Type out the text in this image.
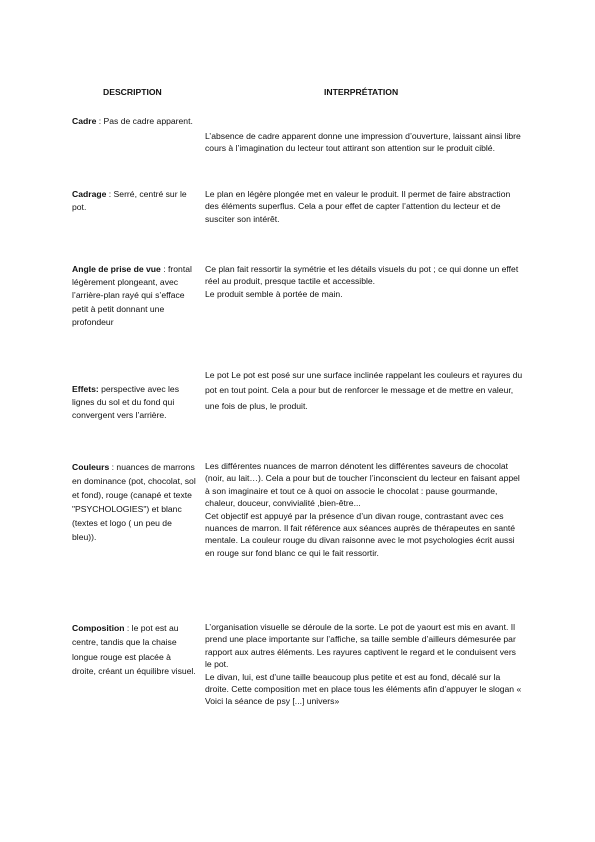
DESCRIPTION	INTERPRÉTATION
Cadre : Pas de cadre apparent.

L’absence de cadre apparent donne une impression d’ouverture, laissant ainsi libre cours à l’imagination du lecteur tout attirant son attention sur le produit ciblé.

Cadrage : Serré, centré sur le pot.

Le plan en légère plongée met en valeur le produit. Il permet de faire abstraction des éléments superflus. Cela a pour effet de capter l’attention du lecteur et de susciter son intérêt.

Angle de prise de vue : frontal légèrement plongeant, avec l’arrière-plan rayé qui s’efface petit à petit donnant une profondeur

Ce plan fait ressortir la symétrie et les détails visuels du pot ; ce qui donne un effet réel au produit, presque tactile et accessible.

Le produit semble à portée de main.

Effets: perspective avec les lignes du sol et du fond qui convergent vers l’arrière.

Le pot Le pot est posé sur une surface inclinée rappelant les couleurs et rayures du pot en tout point. Cela a pour but de renforcer le message et de mettre en valeur, une fois de plus, le produit.

Couleurs : nuances de marrons en dominance (pot, chocolat, sol et fond), rouge (canapé et texte "PSYCHOLOGIES") et blanc (textes et logo ( un peu de bleu)).

Les différentes nuances de marron dénotent les différentes saveurs de chocolat (noir, au lait…). Cela a pour but de toucher l’inconscient du lecteur en faisant appel à son imaginaire et tout ce à quoi on associe le chocolat : pause gourmande, chaleur, douceur, convivialité ,bien-être...

Cet objectif est appuyé par la présence d’un divan rouge, contrastant avec ces nuances de marron. Il fait référence aux séances auprès de thérapeutes en santé mentale. La couleur rouge du divan raisonne avec le mot psychologies écrit aussi en rouge sur fond blanc ce qui le fait ressortir.

Composition : le pot est au centre, tandis que la chaise longue rouge est placée à droite, créant un équilibre visuel.

L’organisation visuelle se déroule de la sorte. Le pot de yaourt est mis en avant. Il prend une place importante sur l’affiche, sa taille semble d’ailleurs démesurée par rapport aux autres éléments. Les rayures captivent le regard et le conduisent vers le pot.

Le divan, lui, est d’une taille beaucoup plus petite et est au fond, décalé sur la droite. Cette composition met en place tous les éléments afin d’appuyer le slogan « Voici la séance de psy [...] univers»
